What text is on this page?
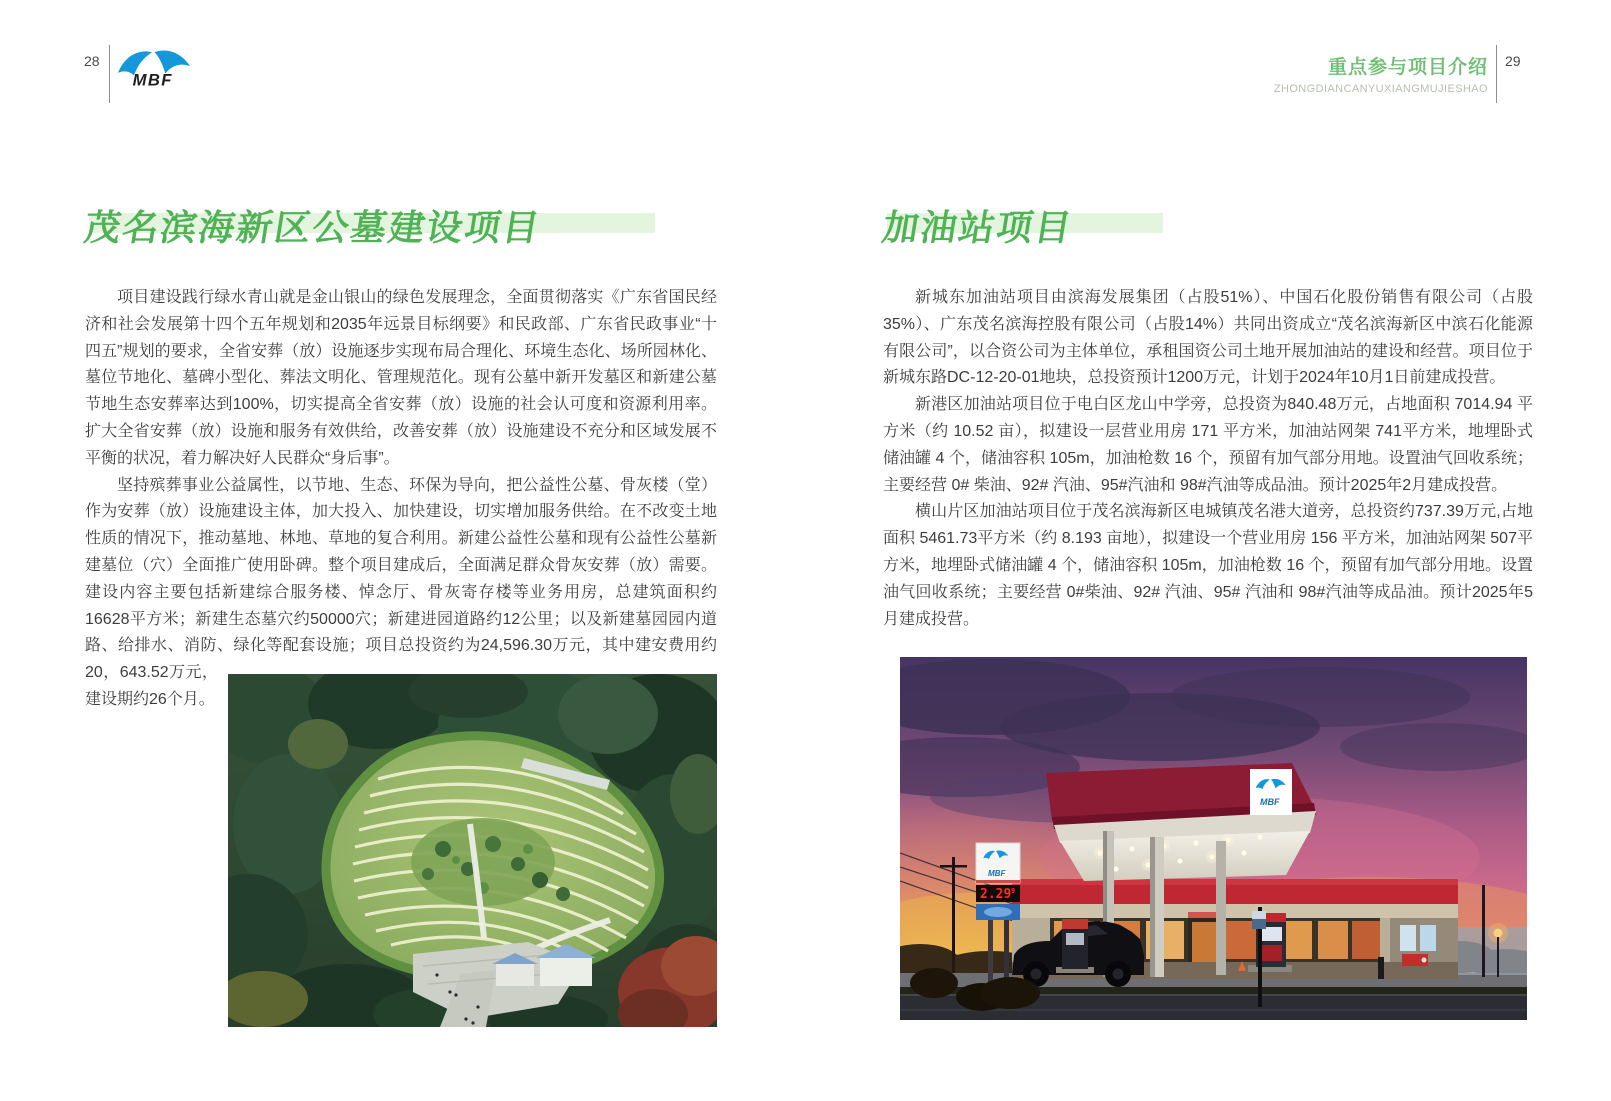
28
MBF
重点参与项目介绍
ZHONGDIANCANYUXIANGMUJIESHAO
29
茂名滨海新区公墓建设项目

项目建设践行绿水青山就是金山银山的绿色发展理念，全面贯彻落实《广东省国民经济和社会发展第十四个五年规划和2035年远景目标纲要》和民政部、广东省民政事业“十四五”规划的要求，全省安葬（放）设施逐步实现布局合理化、环境生态化、场所园林化、墓位节地化、墓碑小型化、葬法文明化、管理规范化。现有公墓中新开发墓区和新建公墓节地生态安葬率达到100%，切实提高全省安葬（放）设施的社会认可度和资源利用率。扩大全省安葬（放）设施和服务有效供给，改善安葬（放）设施建设不充分和区域发展不平衡的状况，着力解决好人民群众“身后事”。

坚持殡葬事业公益属性，以节地、生态、环保为导向，把公益性公墓、骨灰楼（堂）作为安葬（放）设施建设主体，加大投入、加快建设，切实增加服务供给。在不改变土地性质的情况下，推动墓地、林地、草地的复合利用。新建公益性公墓和现有公益性公墓新建墓位（穴）全面推广使用卧碑。整个项目建成后，全面满足群众骨灰安葬（放）需要。建设内容主要包括新建综合服务楼、悼念厅、骨灰寄存楼等业务用房，总建筑面积约16628平方米；新建生态墓穴约50000穴；新建进园道路约12公里；以及新建墓园园内道路、给排水、消防、绿化等配套设施；
项目总投资约为24,596.30万元，其中建安费用约20，643.52万元，建设期约26个月。

加油站项目

新城东加油站项目由滨海发展集团（占股51%）、中国石化股份销售有限公司（占股35%）、广东茂名滨海控股有限公司（占股14%）共同出资成立“茂名滨海新区中滨石化能源有限公司”，以合资公司为主体单位，承租国资公司土地开展加油站的建设和经营。项目位于新城东路DC-12-20-01地块，总投资预计1200万元，计划于2024年10月1日前建成投营。

新港区加油站项目位于电白区龙山中学旁，总投资为840.48万元，占地面积 7014.94 平方米（约 10.52 亩），拟建设一层营业用房 171 平方米，加油站网架 741平方米，地埋卧式储油罐 4 个，储油容积 105m，加油枪数 16 个，预留有加气部分用地。设置油气回收系统；主要经营 0# 柴油、92# 汽油、95#汽油和 98#汽油等成品油。预计2025年2月建成投营。

横山片区加油站项目位于茂名滨海新区电城镇茂名港大道旁，总投资约737.39万元,占地面积 5461.73平方米（约 8.193 亩地），拟建设一个营业用房 156 平方米，加油站网架 507平方米，地埋卧式储油罐 4 个，储油容积 105m，加油枪数 16 个，预留有加气部分用地。设置油气回收系统；主要经营 0#柴油、92# 汽油、95# 汽油和 98#汽油等成品油。预计2025年5月建成投营。

MBF
MBF
2.29 9
